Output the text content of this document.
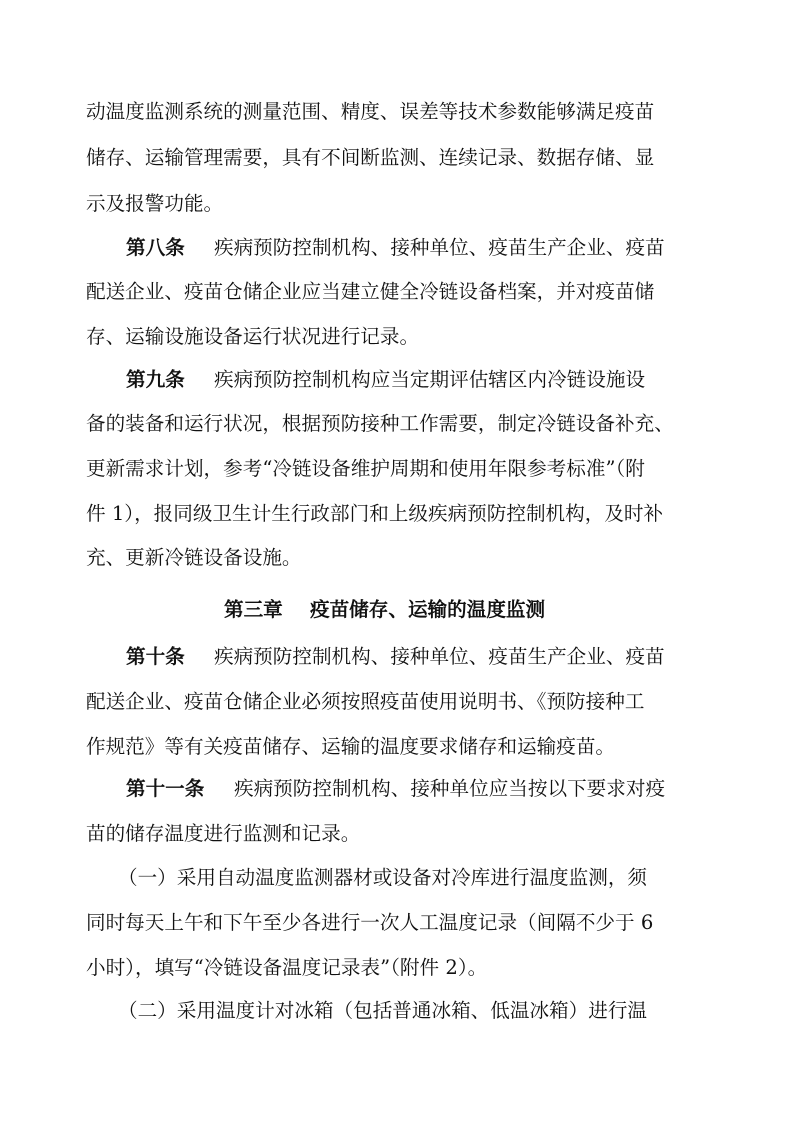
动温度监测系统的测量范围、精度、误差等技术参数能够满足疫苗
储存、运输管理需要，具有不间断监测、连续记录、数据存储、显
示及报警功能。
第八条 疾病预防控制机构、接种单位、疫苗生产企业、疫苗
配送企业、疫苗仓储企业应当建立健全冷链设备档案，并对疫苗储
存、运输设施设备运行状况进行记录。
第九条 疾病预防控制机构应当定期评估辖区内冷链设施设
备的装备和运行状况，根据预防接种工作需要，制定冷链设备补充、
更新需求计划，参考“冷链设备维护周期和使用年限参考标准”（附
件 1），报同级卫生计生行政部门和上级疾病预防控制机构，及时补
充、更新冷链设备设施。
第三章 疫苗储存、运输的温度监测
第十条 疾病预防控制机构、接种单位、疫苗生产企业、疫苗
配送企业、疫苗仓储企业必须按照疫苗使用说明书、《预防接种工
作规范》等有关疫苗储存、运输的温度要求储存和运输疫苗。
第十一条 疾病预防控制机构、接种单位应当按以下要求对疫
苗的储存温度进行监测和记录。
（一）采用自动温度监测器材或设备对冷库进行温度监测，须
同时每天上午和下午至少各进行一次人工温度记录（间隔不少于 6
小时），填写“冷链设备温度记录表”（附件 2）。
（二）采用温度计对冰箱（包括普通冰箱、低温冰箱）进行温
